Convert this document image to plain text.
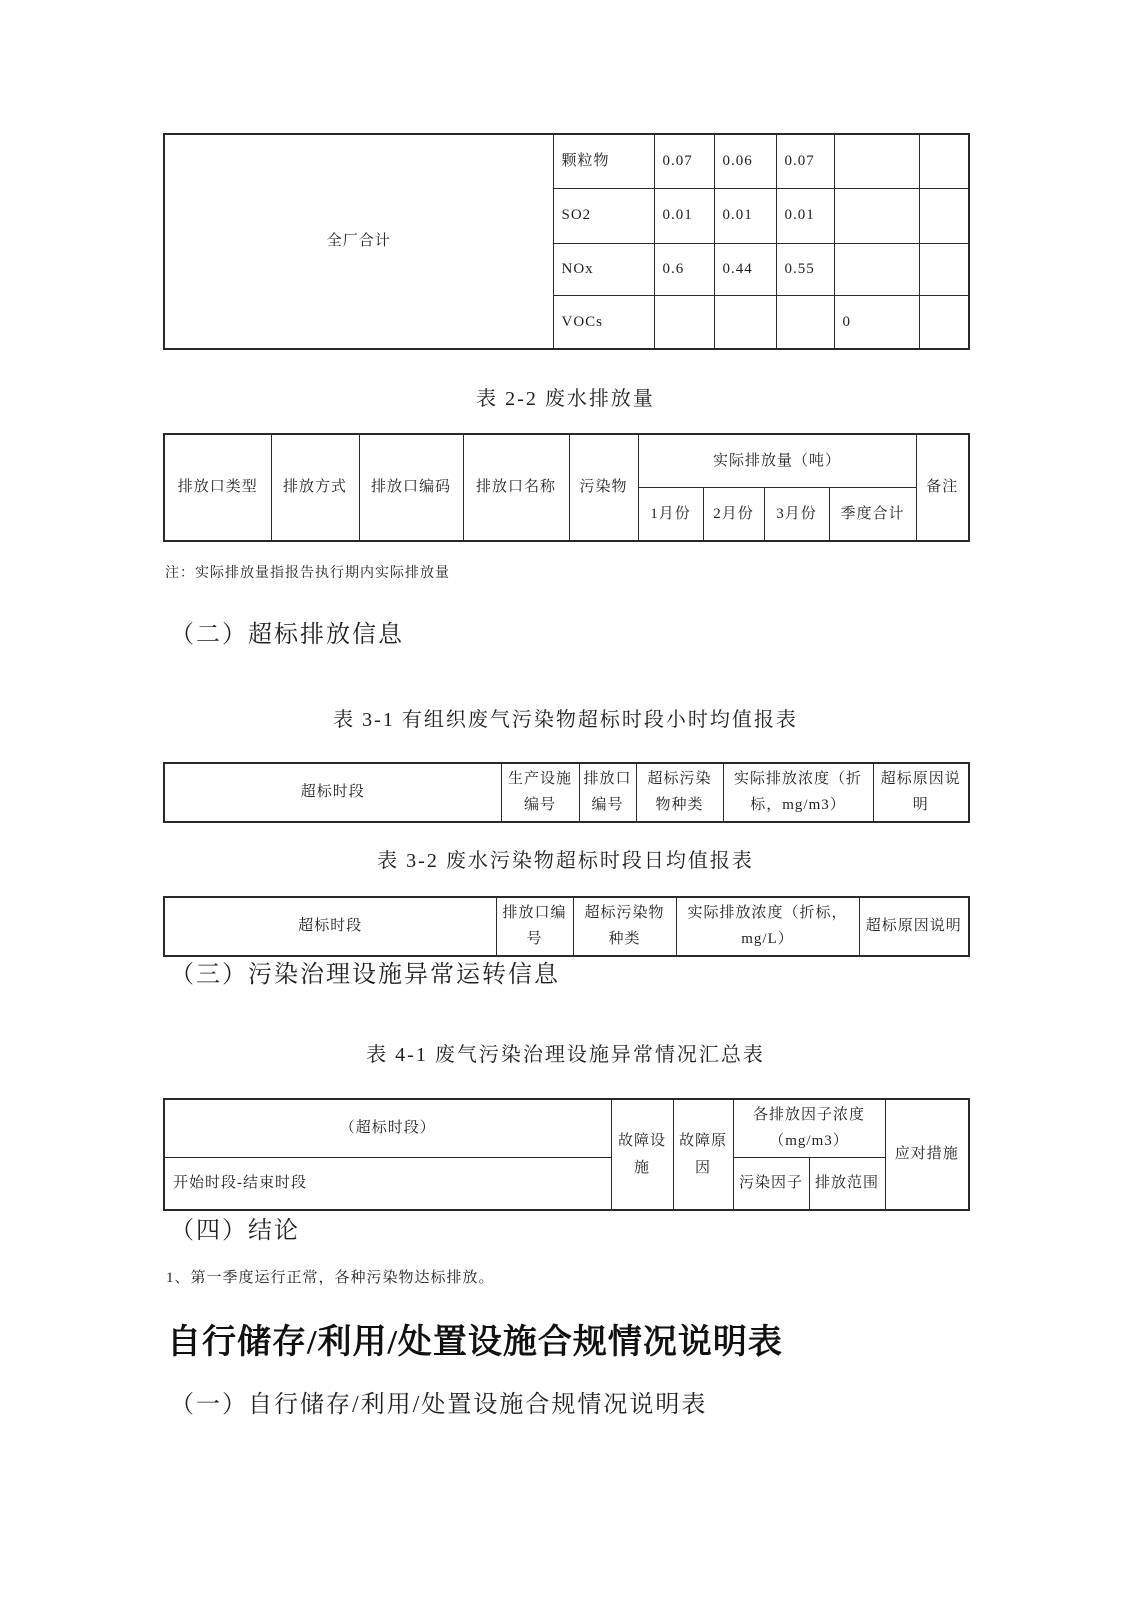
全厂合计	颗粒物	0.07	0.06	0.07		
	SO2	0.01	0.01	0.01		
	NOx	0.6	0.44	0.55		
	VOCs				0	
表 2-2 废水排放量
排放口类型	排放方式	排放口编码	排放口名称	污染物	实际排放量（吨）				备注
					1月份	2月份	3月份	季度合计	
注：实际排放量指报告执行期内实际排放量
（二）超标排放信息
表 3-1 有组织废气污染物超标时段小时均值报表
超标时段	生产设施编号	排放口编号	超标污染物种类	实际排放浓度（折标，mg/m3）	超标原因说明
表 3-2 废水污染物超标时段日均值报表
超标时段	排放口编号	超标污染物种类	实际排放浓度（折标，mg/L）	超标原因说明
（三）污染治理设施异常运转信息
表 4-1 废气污染治理设施异常情况汇总表
（超标时段）	故障设施	故障原因	各排放因子浓度（mg/m3）		应对措施
开始时段-结束时段			污染因子	排放范围	
（四）结论
1、第一季度运行正常，各种污染物达标排放。
自行储存/利用/处置设施合规情况说明表
（一）自行储存/利用/处置设施合规情况说明表
